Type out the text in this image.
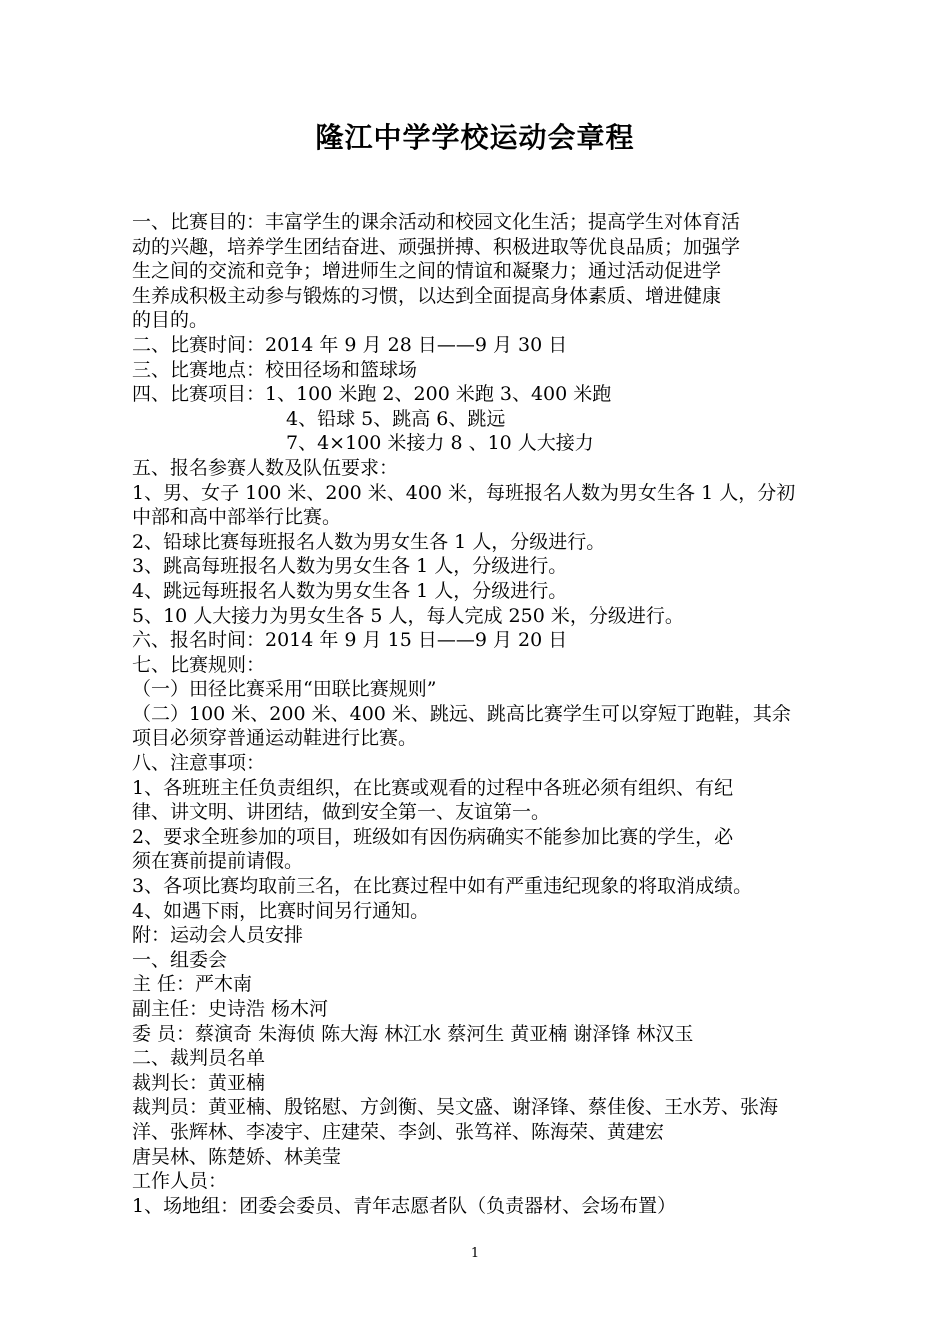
隆江中学学校运动会章程
一、比赛目的：丰富学生的课余活动和校园文化生活；提高学生对体育活
动的兴趣，培养学生团结奋进、顽强拼搏、积极进取等优良品质；加强学
生之间的交流和竞争；增进师生之间的情谊和凝聚力；通过活动促进学
生养成积极主动参与锻炼的习惯，以达到全面提高身体素质、增进健康
的目的。
二、比赛时间：2014 年 9 月 28 日——9 月 30 日
三、比赛地点：校田径场和篮球场
四、比赛项目：1、100 米跑 2、200 米跑 3、400 米跑
4、铅球 5、跳高 6、跳远
7、4×100 米接力 8 、10 人大接力
五、报名参赛人数及队伍要求：
1、男、女子 100 米、200 米、400 米，每班报名人数为男女生各 1 人，分初
中部和高中部举行比赛。
2、铅球比赛每班报名人数为男女生各 1 人，分级进行。
3、跳高每班报名人数为男女生各 1 人，分级进行。
4、跳远每班报名人数为男女生各 1 人，分级进行。
5、10 人大接力为男女生各 5 人，每人完成 250 米，分级进行。
六、报名时间：2014 年 9 月 15 日——9 月 20 日
七、比赛规则：
（一）田径比赛采用“田联比赛规则”
（二）100 米、200 米、400 米、跳远、跳高比赛学生可以穿短丁跑鞋，其余
项目必须穿普通运动鞋进行比赛。
八、注意事项：
1、各班班主任负责组织，在比赛或观看的过程中各班必须有组织、有纪
律、讲文明、讲团结，做到安全第一、友谊第一。
2、要求全班参加的项目，班级如有因伤病确实不能参加比赛的学生，必
须在赛前提前请假。
3、各项比赛均取前三名，在比赛过程中如有严重违纪现象的将取消成绩。
4、如遇下雨，比赛时间另行通知。
附：运动会人员安排
一、组委会
主 任：严木南
副主任：史诗浩 杨木河
委 员：蔡演奇 朱海侦 陈大海 林江水 蔡河生 黄亚楠 谢泽锋 林汉玉
二、裁判员名单
裁判长：黄亚楠
裁判员：黄亚楠、殷铭慰、方剑衡、吴文盛、谢泽锋、蔡佳俊、王水芳、张海
洋、张辉林、李凌宇、庄建荣、李剑、张笃祥、陈海荣、黄建宏
唐吴林、陈楚娇、林美莹
工作人员：
1、场地组：团委会委员、青年志愿者队（负责器材、会场布置）
1
